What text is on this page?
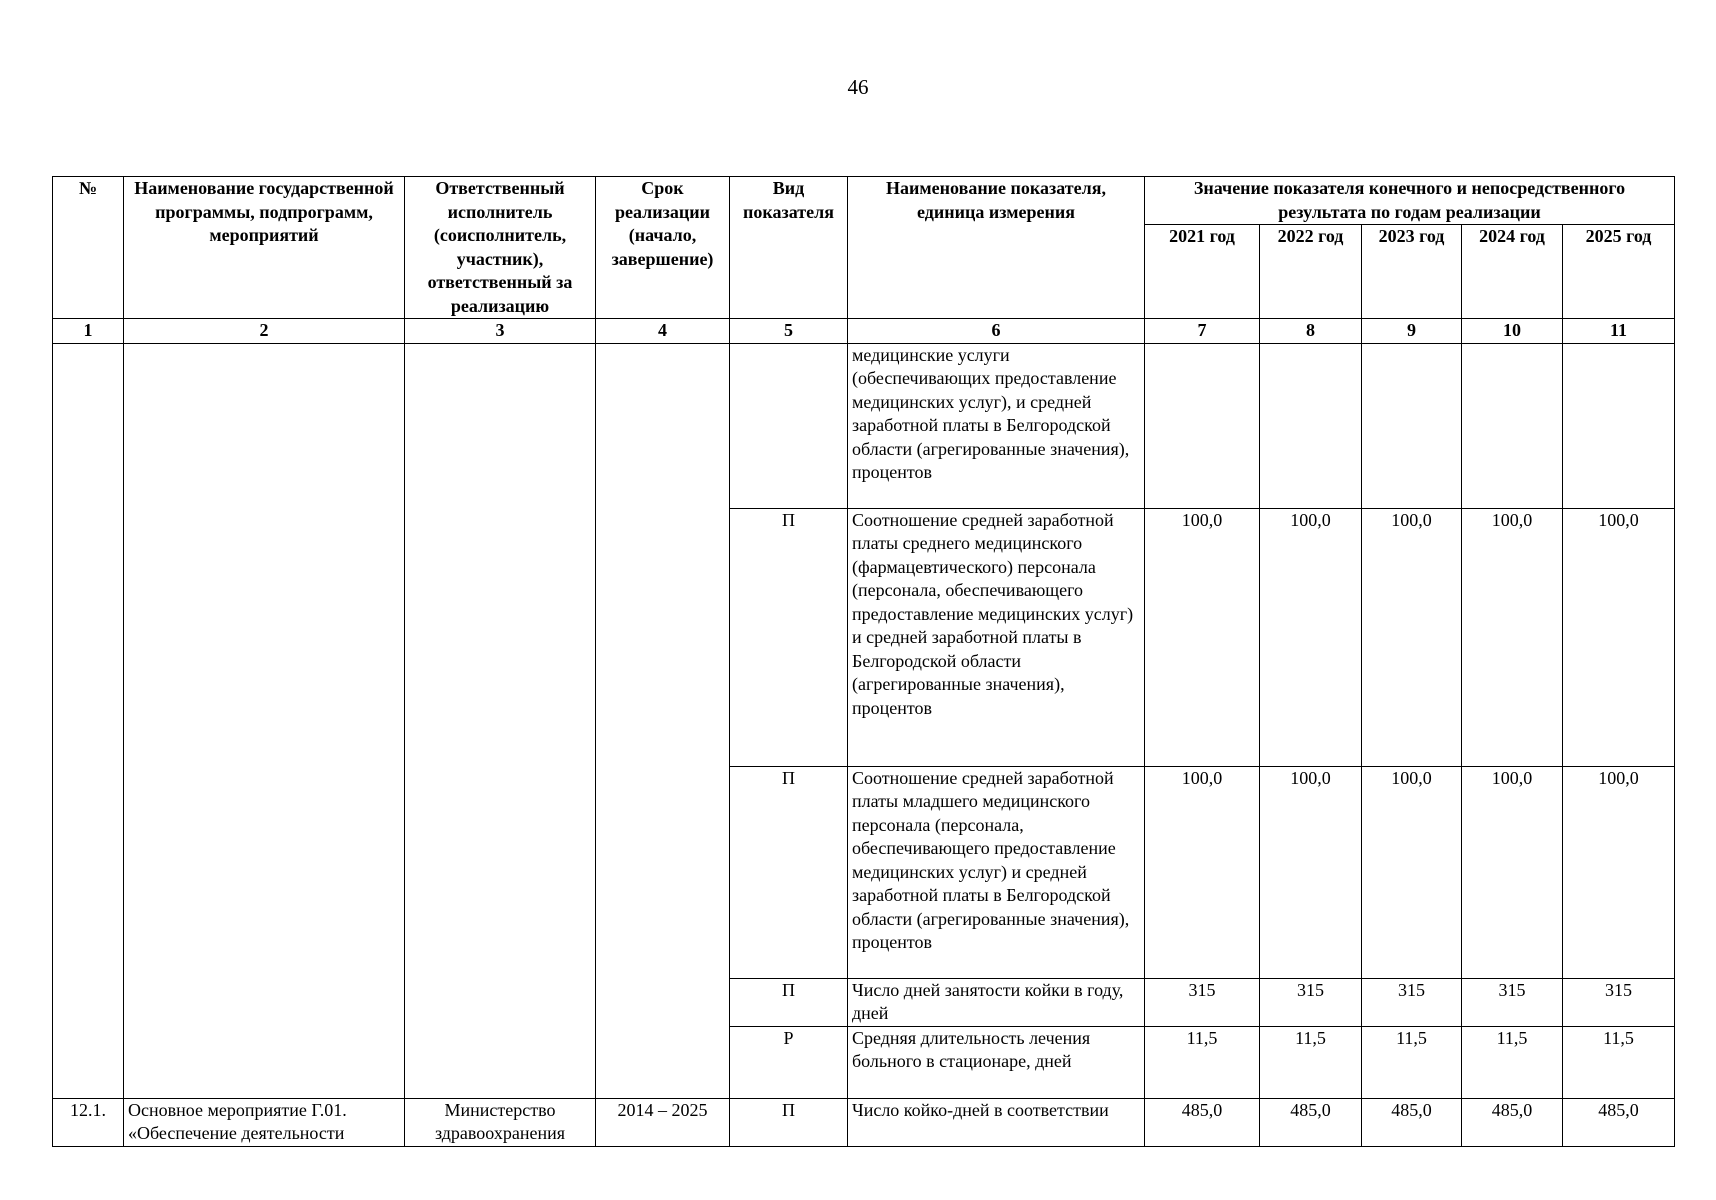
46
№	Наименование государственной программы, подпрограмм, мероприятий	Ответственный исполнитель (соисполнитель, участник), ответственный за реализацию	Срок реализации (начало, завершение)	Вид показателя	Наименование показателя, единица измерения	Значение показателя конечного и непосредственного результата по годам реализации				
						2021 год	2022 год	2023 год	2024 год	2025 год
1	2	3	4	5	6	7	8	9	10	11
					медицинские услуги (обеспечивающих предоставление медицинских услуг), и средней заработной платы в Белгородской области (агрегированные значения), процентов					
				П	Соотношение средней заработной платы среднего медицинского (фармацевтического) персонала (персонала, обеспечивающего предоставление медицинских услуг) и средней заработной платы в Белгородской области (агрегированные значения), процентов	100,0	100,0	100,0	100,0	100,0
				П	Соотношение средней заработной платы младшего медицинского персонала (персонала, обеспечивающего предоставление медицинских услуг) и средней заработной платы в Белгородской области (агрегированные значения), процентов	100,0	100,0	100,0	100,0	100,0
				П	Число дней занятости койки в году, дней	315	315	315	315	315
				Р	Средняя длительность лечения больного в стационаре, дней	11,5	11,5	11,5	11,5	11,5
12.1.	Основное мероприятие Г.01. «Обеспечение деятельности	Министерство здравоохранения	2014 – 2025	П	Число койко-дней в соответствии	485,0	485,0	485,0	485,0	485,0
